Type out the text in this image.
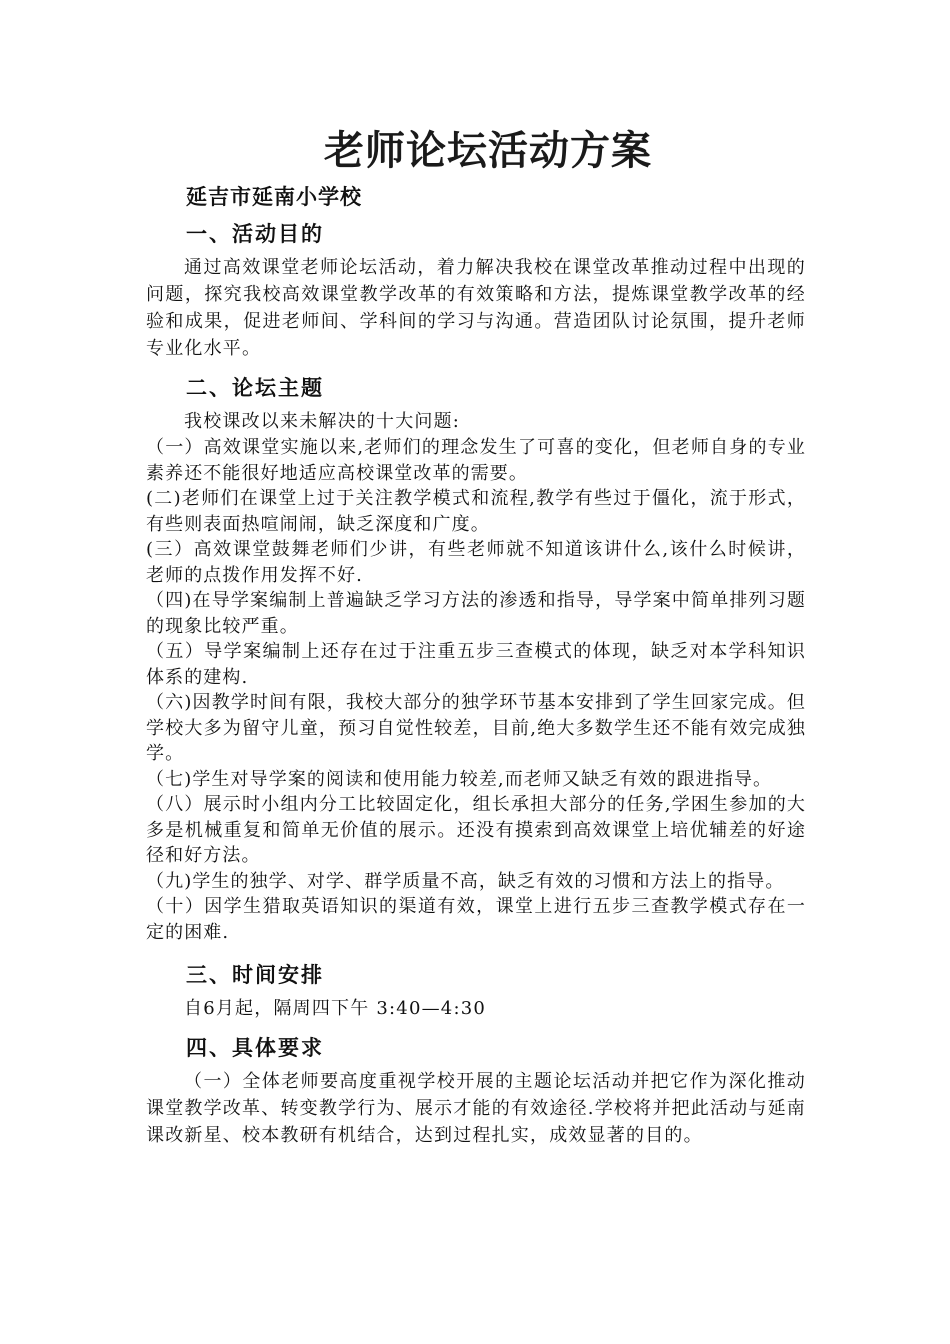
老师论坛活动方案
延吉市延南小学校
一、活动目的

通过高效课堂老师论坛活动，着力解决我校在课堂改革推动过程中出现的问题，探究我校高效课堂教学改革的有效策略和方法，提炼课堂教学改革的经验和成果，促进老师间、学科间的学习与沟通。营造团队讨论氛围，提升老师专业化水平。

二、论坛主题

我校课改以来未解决的十大问题:

（一）高效课堂实施以来,老师们的理念发生了可喜的变化，但老师自身的专业素养还不能很好地适应高校课堂改革的需要。

(二)老师们在课堂上过于关注教学模式和流程,教学有些过于僵化，流于形式，有些则表面热喧闹闹，缺乏深度和广度。

(三）高效课堂鼓舞老师们少讲，有些老师就不知道该讲什么,该什么时候讲，老师的点拨作用发挥不好.

（四)在导学案编制上普遍缺乏学习方法的渗透和指导，导学案中简单排列习题的现象比较严重。

（五）导学案编制上还存在过于注重五步三查模式的体现，缺乏对本学科知识体系的建构.

（六)因教学时间有限，我校大部分的独学环节基本安排到了学生回家完成。但学校大多为留守儿童，预习自觉性较差，目前,绝大多数学生还不能有效完成独学。

（七)学生对导学案的阅读和使用能力较差,而老师又缺乏有效的跟进指导。

（八）展示时小组内分工比较固定化，组长承担大部分的任务,学困生参加的大多是机械重复和简单无价值的展示。还没有摸索到高效课堂上培优辅差的好途径和好方法。

（九)学生的独学、对学、群学质量不高，缺乏有效的习惯和方法上的指导。

（十）因学生猎取英语知识的渠道有效，课堂上进行五步三查教学模式存在一定的困难.

三、时间安排

自6月起，隔周四下午 3:40—4:30

四、具体要求

（一）全体老师要高度重视学校开展的主题论坛活动并把它作为深化推动课堂教学改革、转变教学行为、展示才能的有效途径.学校将并把此活动与延南课改新星、校本教研有机结合，达到过程扎实，成效显著的目的。
